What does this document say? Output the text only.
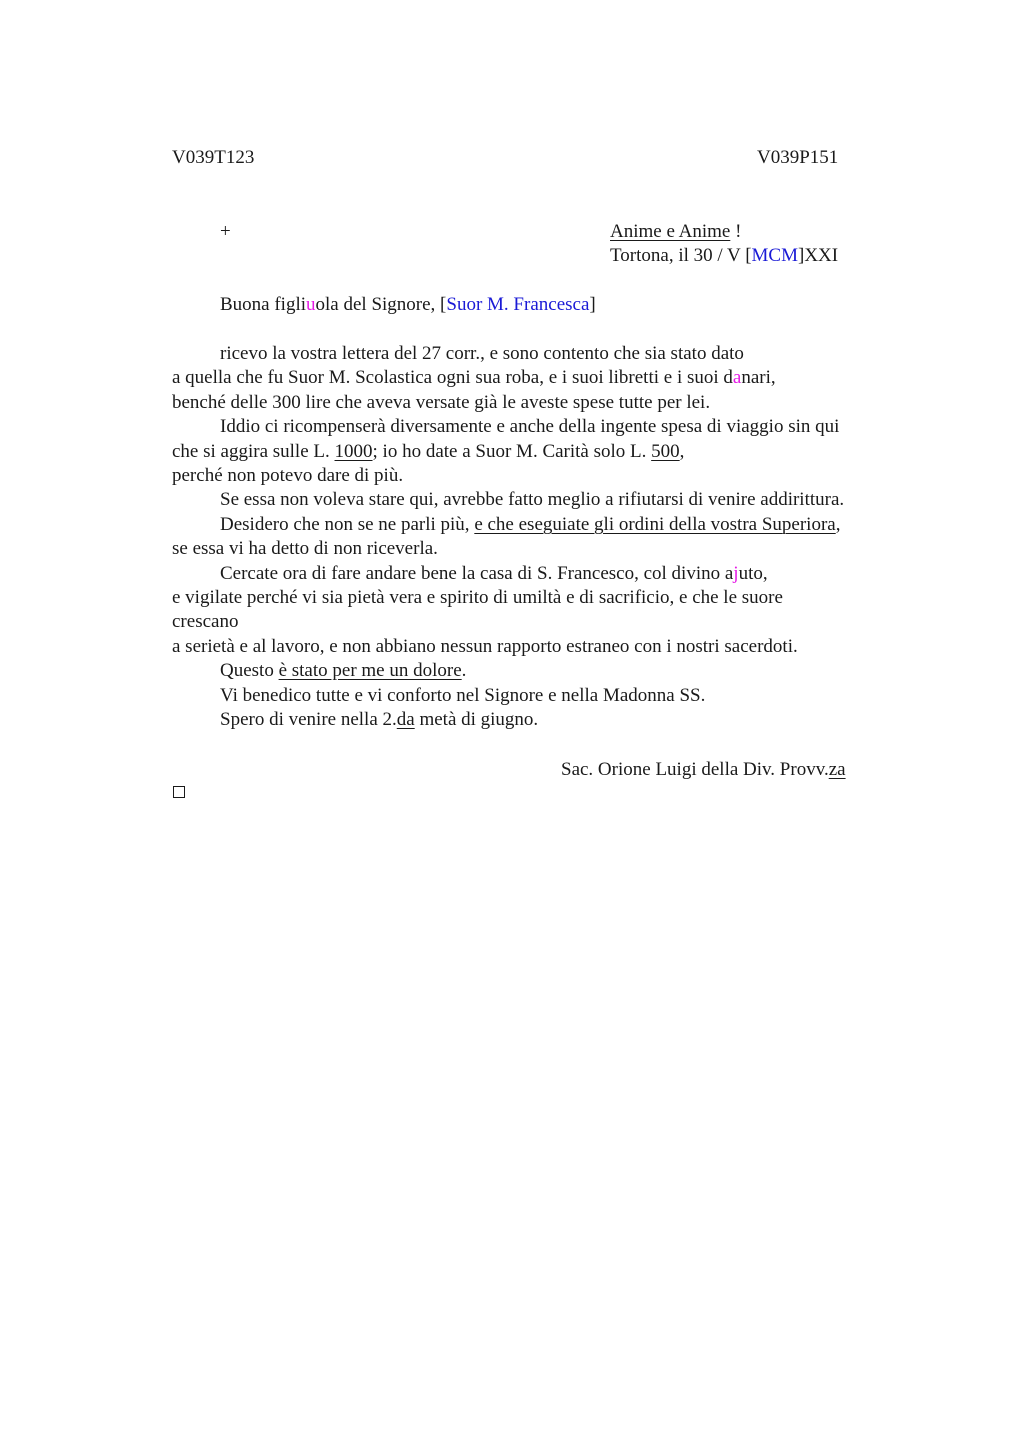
V039T123	V039P151
+	Anime e Anime !
Tortona, il 30 / V [MCM]XXI
Buona figliuola del Signore, [Suor M. Francesca]
ricevo la vostra lettera del 27 corr., e sono contento che sia stato dato
a quella che fu Suor M. Scolastica ogni sua roba, e i suoi libretti e i suoi danari,
benché delle 300 lire che aveva versate già le aveste spese tutte per lei.
Iddio ci ricompenserà diversamente e anche della ingente spesa di viaggio sin qui
che si aggira sulle L. 1000; io ho date a Suor M. Carità solo L. 500,
perché non potevo dare di più.
Se essa non voleva stare qui, avrebbe fatto meglio a rifiutarsi di venire addirittura.
Desidero che non se ne parli più, e che eseguiate gli ordini della vostra Superiora,
se essa vi ha detto di non riceverla.
Cercate ora di fare andare bene la casa di S. Francesco, col divino ajuto,
e vigilate perché vi sia pietà vera e spirito di umiltà e di sacrificio, e che le suore
crescano
a serietà e al lavoro, e non abbiano nessun rapporto estraneo con i nostri sacerdoti.
Questo è stato per me un dolore.
Vi benedico tutte e vi conforto nel Signore e nella Madonna SS.
Spero di venire nella 2.da metà di giugno.
Sac. Orione Luigi della Div. Provv.za
